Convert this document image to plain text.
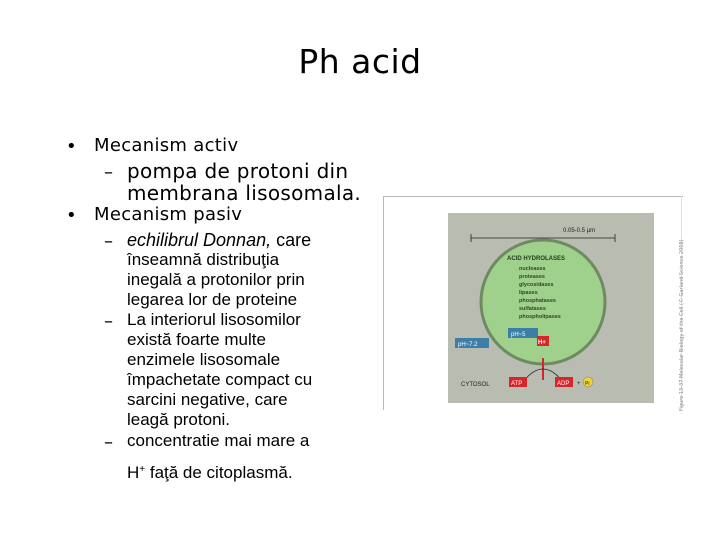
Ph acid
• Mecanism activ
– pompa de protoni din
membrana lisosomala.
• Mecanism pasiv
– echilibrul Donnan, care
înseamnă distribuţia
inegală a protonilor prin
legarea lor de proteine
– La interiorul lisosomilor
există foarte multe
enzimele lisosomale
împachetate compact cu
sarcini negative, care
leagă protoni.
– concentratie mai mare a
H+ faţă de citoplasmă.
0.05-0.5 μm
ACID HYDROLASES
nucleases
proteases
glycosidases
lipases
phosphatases
sulfatases
phospholipases
pH~5
pH~7.2	H+
CYTOSOL	ATP	ADP + Pi	Figure 13-37 Molecular Biology of the Cell (© Garland Science 2008)
